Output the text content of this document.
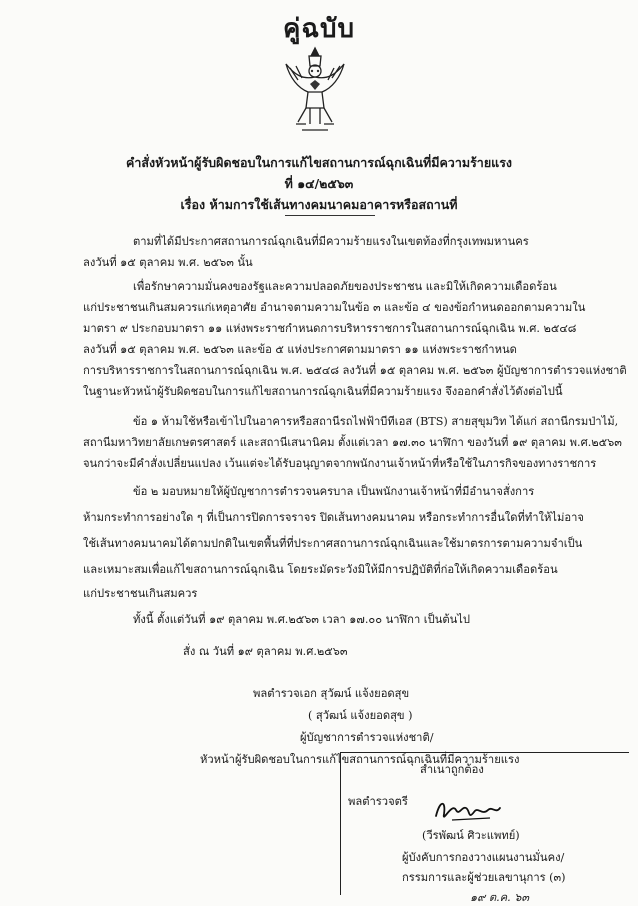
คู่ฉบับ
คำสั่งหัวหน้าผู้รับผิดชอบในการแก้ไขสถานการณ์ฉุกเฉินที่มีความร้ายแรง
ที่ ๑๔/๒๕๖๓
เรื่อง ห้ามการใช้เส้นทางคมนาคมอาคารหรือสถานที่
ตามที่ได้มีประกาศสถานการณ์ฉุกเฉินที่มีความร้ายแรงในเขตท้องที่กรุงเทพมหานคร
ลงวันที่ ๑๕ ตุลาคม พ.ศ. ๒๕๖๓ นั้น
เพื่อรักษาความมั่นคงของรัฐและความปลอดภัยของประชาชน และมิให้เกิดความเดือดร้อน
แก่ประชาชนเกินสมควรแก่เหตุอาศัย อำนาจตามความในข้อ ๓ และข้อ ๔ ของข้อกำหนดออกตามความใน
มาตรา ๙ ประกอบมาตรา ๑๑ แห่งพระราชกำหนดการบริหารราชการในสถานการณ์ฉุกเฉิน พ.ศ. ๒๕๔๘
ลงวันที่ ๑๕ ตุลาคม พ.ศ. ๒๕๖๓ และข้อ ๕ แห่งประกาศตามมาตรา ๑๑ แห่งพระราชกำหนด
การบริหารราชการในสถานการณ์ฉุกเฉิน พ.ศ. ๒๕๔๘ ลงวันที่ ๑๕ ตุลาคม พ.ศ. ๒๕๖๓ ผู้บัญชาการตำรวจแห่งชาติ
ในฐานะหัวหน้าผู้รับผิดชอบในการแก้ไขสถานการณ์ฉุกเฉินที่มีความร้ายแรง จึงออกคำสั่งไว้ดังต่อไปนี้
ข้อ ๑ ห้ามใช้หรือเข้าไปในอาคารหรือสถานีรถไฟฟ้าบีทีเอส (BTS) สายสุขุมวิท ได้แก่ สถานีกรมป่าไม้,
สถานีมหาวิทยาลัยเกษตรศาสตร์ และสถานีเสนานิคม ตั้งแต่เวลา ๑๗.๓๐ นาฬิกา ของวันที่ ๑๙ ตุลาคม พ.ศ.๒๕๖๓
จนกว่าจะมีคำสั่งเปลี่ยนแปลง เว้นแต่จะได้รับอนุญาตจากพนักงานเจ้าหน้าที่หรือใช้ในภารกิจของทางราชการ
ข้อ ๒ มอบหมายให้ผู้บัญชาการตำรวจนครบาล เป็นพนักงานเจ้าหน้าที่มีอำนาจสั่งการ
ห้ามกระทำการอย่างใด ๆ ที่เป็นการปิดการจราจร ปิดเส้นทางคมนาคม หรือกระทำการอื่นใดที่ทำให้ไม่อาจ
ใช้เส้นทางคมนาคมได้ตามปกติในเขตพื้นที่ที่ประกาศสถานการณ์ฉุกเฉินและใช้มาตรการตามความจำเป็น
และเหมาะสมเพื่อแก้ไขสถานการณ์ฉุกเฉิน โดยระมัดระวังมิให้มีการปฏิบัติที่ก่อให้เกิดความเดือดร้อน
แก่ประชาชนเกินสมควร
ทั้งนี้ ตั้งแต่วันที่ ๑๙ ตุลาคม พ.ศ.๒๕๖๓ เวลา ๑๗.๐๐ นาฬิกา เป็นต้นไป
สั่ง ณ วันที่ ๑๙ ตุลาคม พ.ศ.๒๕๖๓
พลตำรวจเอก สุวัฒน์ แจ้งยอดสุข
( สุวัฒน์ แจ้งยอดสุข )
ผู้บัญชาการตำรวจแห่งชาติ/
หัวหน้าผู้รับผิดชอบในการแก้ไขสถานการณ์ฉุกเฉินที่มีความร้ายแรง
สำเนาถูกต้อง
พลตำรวจตรี
(วีรพัฒน์ ศิวะแพทย์)
ผู้บังคับการกองวางแผนงานมั่นคง/
กรรมการและผู้ช่วยเลขานุการ (๓)
๑๙ ต.ค. ๖๓
